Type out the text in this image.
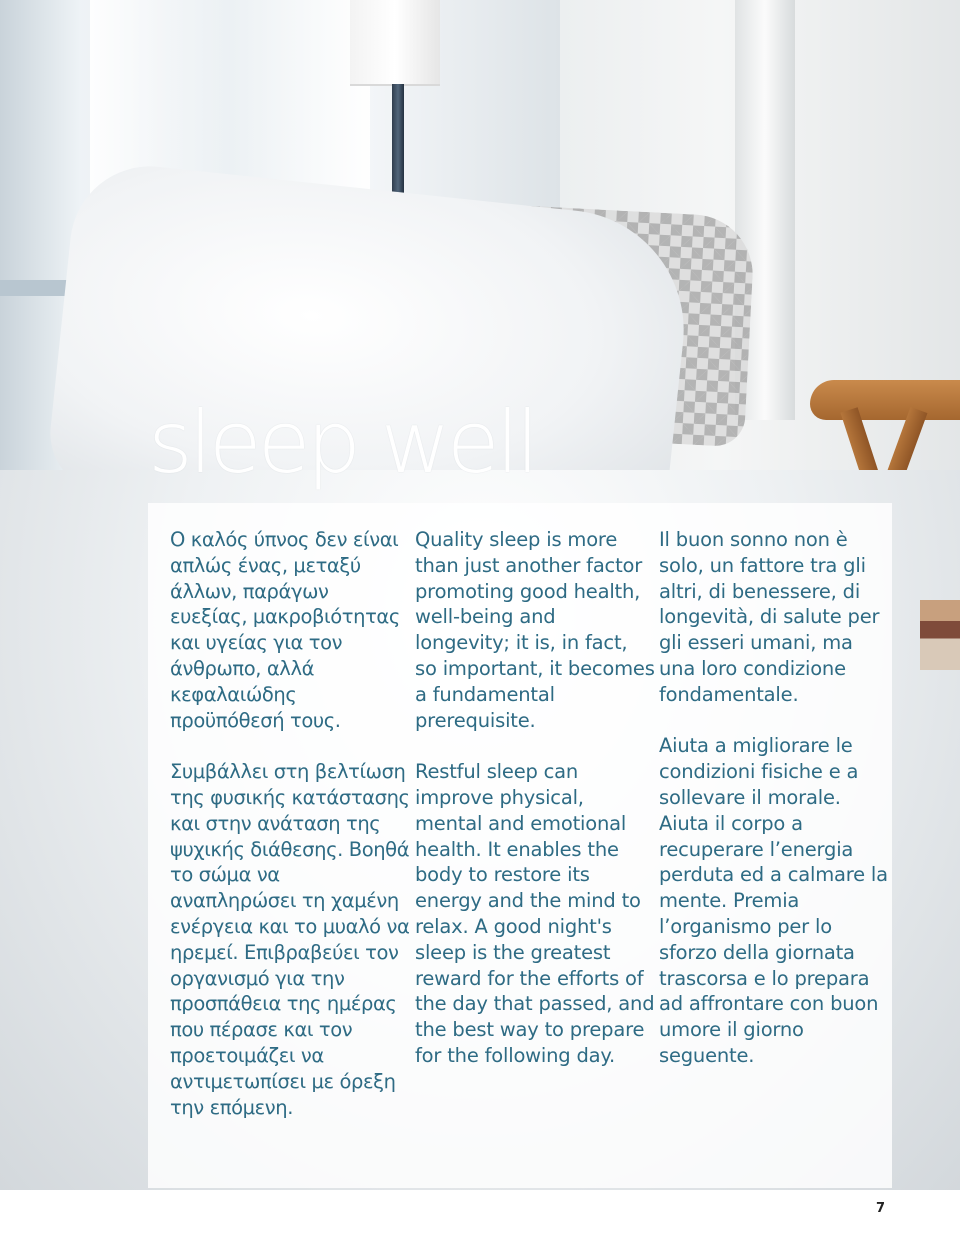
sleep well

Ο καλός ύπνος δεν είναι απλώς ένας, μεταξύ άλλων, παράγων ευεξίας, μακροβιότητας και υγείας για τον άνθρωπο, αλλά κεφαλαιώδης προϋπόθεσή τους.

Συμβάλλει στη βελτίωση της φυσικής κατάστασης και στην ανάταση της ψυχικής διάθεσης. Βοηθά το σώμα να αναπληρώσει τη χαμένη ενέργεια και το μυαλό να ηρεμεί. Επιβραβεύει τον οργανισμό για την προσπάθεια της ημέρας που πέρασε και τον προετοιμάζει να αντιμετωπίσει με όρεξη την επόμενη.

Quality sleep is more than just another factor promoting good health, well-being and longevity; it is, in fact, so important, it becomes a fundamental prerequisite.

Restful sleep can improve physical, mental and emotional health. It enables the body to restore its energy and the mind to relax. A good night's sleep is the greatest reward for the efforts of the day that passed, and the best way to prepare for the following day.

Il buon sonno non è solo, un fattore tra gli altri, di benessere, di longevità, di salute per gli esseri umani, ma una loro condizione fondamentale.

Aiuta a migliorare le condizioni fisiche e a sollevare il morale. Aiuta il corpo a recuperare l’energia perduta ed a calmare la mente. Premia l’organismo per lo sforzo della giornata trascorsa e lo prepara ad affrontare con buon umore il giorno seguente.

7
